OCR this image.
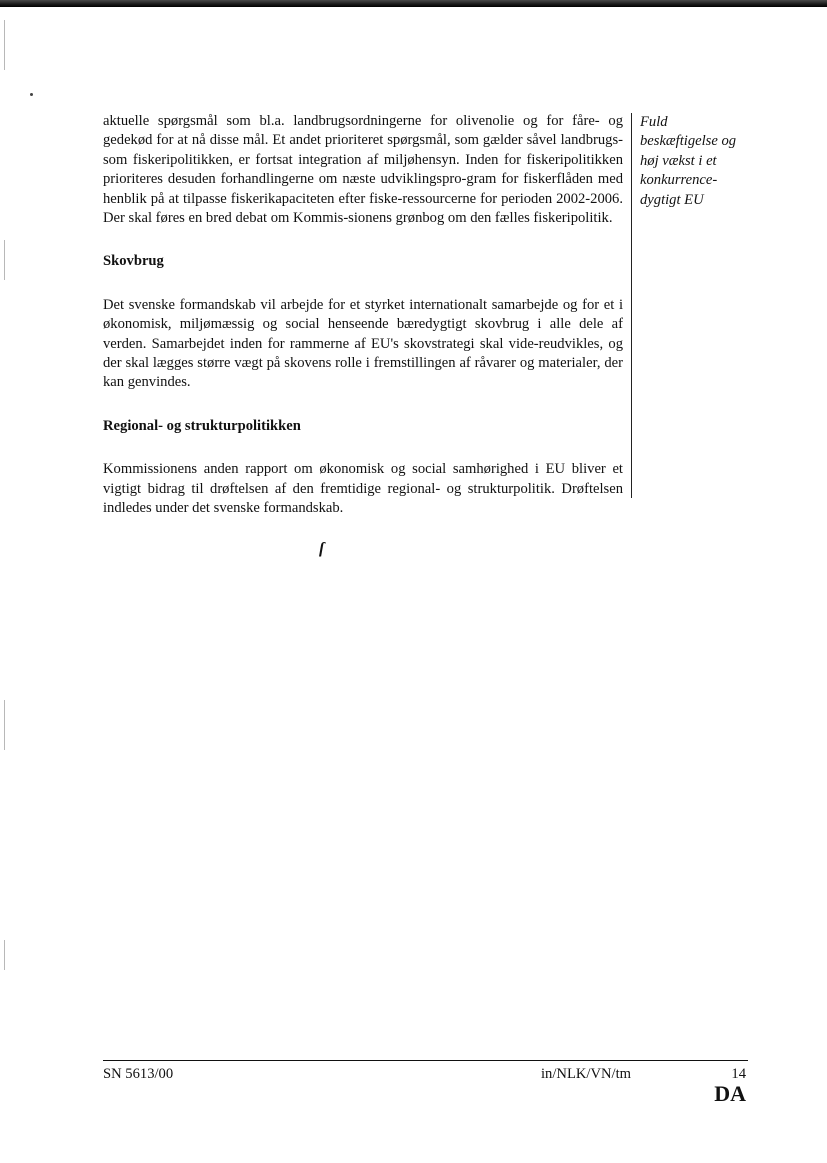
aktuelle spørgsmål som bl.a. landbrugsordningerne for olivenolie og for fåre- og gedekød for at nå disse mål. Et andet prioriteret spørgsmål, som gælder såvel landbrugs- som fiskeripolitikken, er fortsat integration af miljøhensyn. Inden for fiskeripolitikken prioriteres desuden forhandlingerne om næste udviklingspro-gram for fiskerflåden med henblik på at tilpasse fiskerikapaciteten efter fiske-ressourcerne for perioden 2002-2006. Der skal føres en bred debat om Kommis-sionens grønbog om den fælles fiskeripolitik.

Skovbrug

Det svenske formandskab vil arbejde for et styrket internationalt samarbejde og for et i økonomisk, miljømæssig og social henseende bæredygtigt skovbrug i alle dele af verden. Samarbejdet inden for rammerne af EU's skovstrategi skal vide-reudvikles, og der skal lægges større vægt på skovens rolle i fremstillingen af råvarer og materialer, der kan genvindes.

Regional- og strukturpolitikken

Kommissionens anden rapport om økonomisk og social samhørighed i EU bliver et vigtigt bidrag til drøftelsen af den fremtidige regional- og strukturpolitik. Drøftelsen indledes under det svenske formandskab.

Fuld
beskæftigelse og
høj vækst i et
konkurrence-
dygtigt EU
ſ
SN 5613/00	in/NLK/VN/tm	14
DA
